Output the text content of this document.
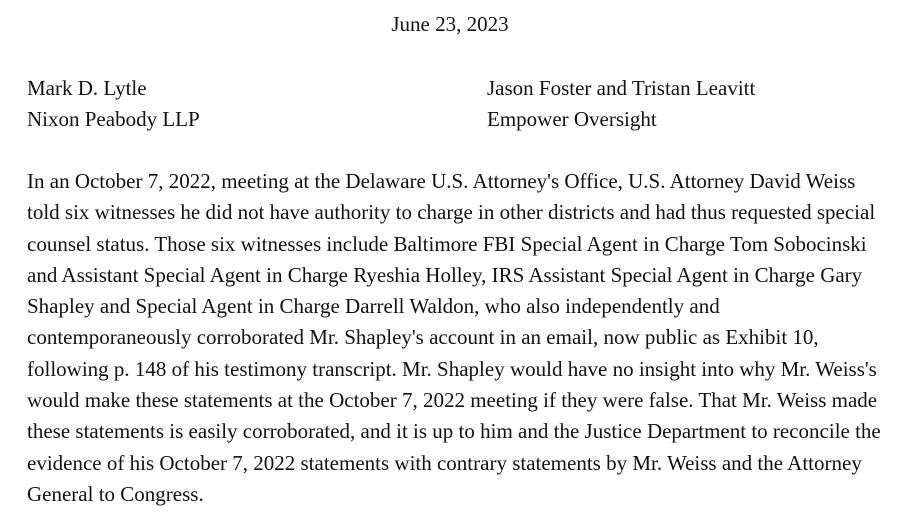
June 23, 2023
Mark D. Lytle
Nixon Peabody LLP
Jason Foster and Tristan Leavitt
Empower Oversight

In an October 7, 2022, meeting at the Delaware U.S. Attorney's Office, U.S. Attorney David Weiss told six witnesses he did not have authority to charge in other districts and had thus requested special counsel status. Those six witnesses include Baltimore FBI Special Agent in Charge Tom Sobocinski and Assistant Special Agent in Charge Ryeshia Holley, IRS Assistant Special Agent in Charge Gary Shapley and Special Agent in Charge Darrell Waldon, who also independently and contemporaneously corroborated Mr. Shapley's account in an email, now public as Exhibit 10, following p. 148 of his testimony transcript. Mr. Shapley would have no insight into why Mr. Weiss's would make these statements at the October 7, 2022 meeting if they were false. That Mr. Weiss made these statements is easily corroborated, and it is up to him and the Justice Department to reconcile the evidence of his October 7, 2022 statements with contrary statements by Mr. Weiss and the Attorney General to Congress.
